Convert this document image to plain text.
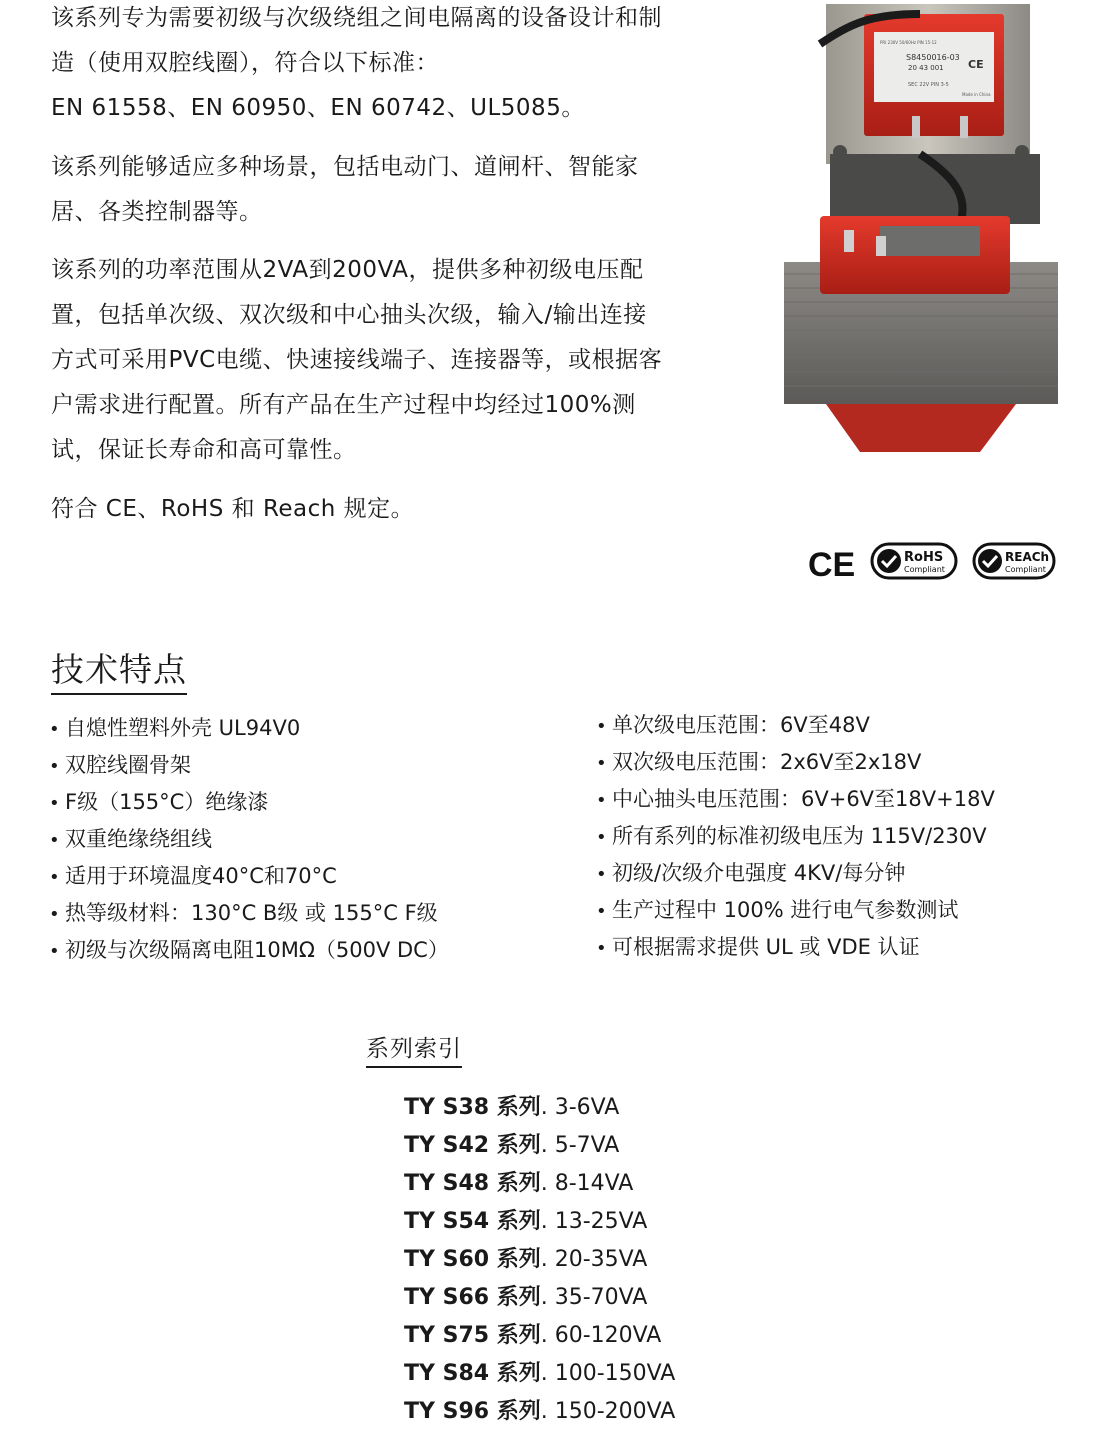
该系列专为需要初级与次级绕组之间电隔离的设备设计和制
造（使用双腔线圈），符合以下标准：
EN 61558、EN 60950、EN 60742、UL5085。

该系列能够适应多种场景，包括电动门、道闸杆、智能家
居、各类控制器等。

该系列的功率范围从2VA到200VA，提供多种初级电压配
置，包括单次级、双次级和中心抽头次级，输入/输出连接
方式可采用PVC电缆、快速接线端子、连接器等，或根据客
户需求进行配置。所有产品在生产过程中均经过100%测
试，保证长寿命和高可靠性。

符合 CE、RoHS 和 Reach 规定。

S8450016-03
20 43 001
SEC 22V PIN 3-5
Made in China
PRI 230V 50/60Hz PIN 15-12
CE
CE	RoHS
Compliant
REACh
Compliant
技术特点
• 自熄性塑料外壳 UL94V0
• 双腔线圈骨架
• F级（155°C）绝缘漆
• 双重绝缘绕组线
• 适用于环境温度40°C和70°C
• 热等级材料：130°C B级 或 155°C F级
• 初级与次级隔离电阻10MΩ（500V DC）
• 单次级电压范围：6V至48V
• 双次级电压范围：2x6V至2x18V
• 中心抽头电压范围：6V+6V至18V+18V
• 所有系列的标准初级电压为 115V/230V
• 初级/次级介电强度 4KV/每分钟
• 生产过程中 100% 进行电气参数测试
• 可根据需求提供 UL 或 VDE 认证
系列索引
TY S38 系列. 3-6VA
TY S42 系列. 5-7VA
TY S48 系列. 8-14VA
TY S54 系列. 13-25VA
TY S60 系列. 20-35VA
TY S66 系列. 35-70VA
TY S75 系列. 60-120VA
TY S84 系列. 100-150VA
TY S96 系列. 150-200VA
